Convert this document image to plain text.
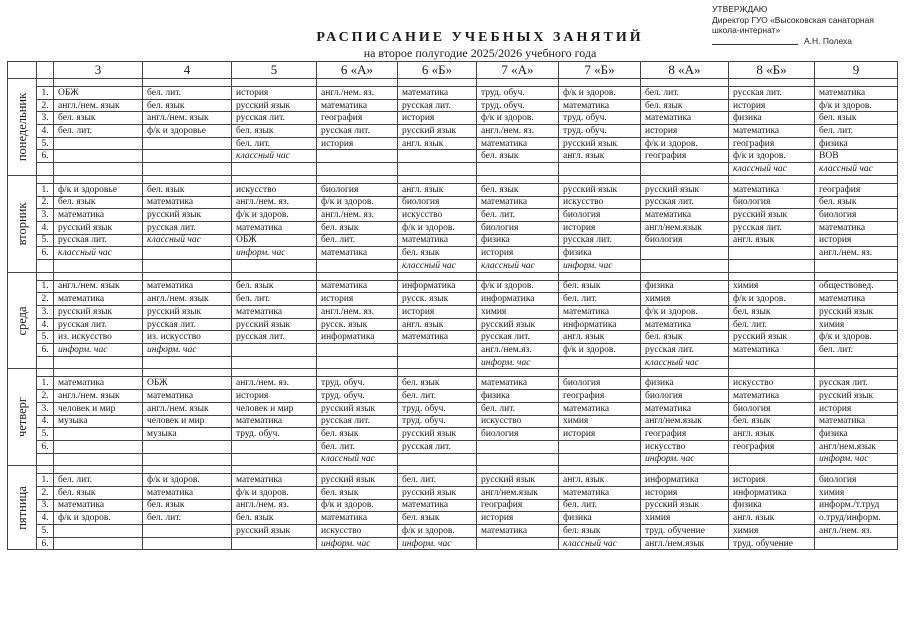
УТВЕРЖДАЮ
Директор ГУО «Высоковская санаторная
школа-интернат»
А.Н. Полеха
РАСПИСАНИЕ УЧЕБНЫХ ЗАНЯТИЙ
на второе полугодие 2025/2026 учебного года
		3	4	5	6 «А»	6 «Б»	7 «А»	7 «Б»	8 «А»	8 «Б»	9

понедельник											

	1.	ОБЖ	бел. лит.	история	англ./нем. яз.	математика	труд. обуч.	ф/к и здоров.	бел. лит.	русская лит.	математика
	2.	англ./нем. язык	бел. язык	русский язык	математика	русская лит.	труд. обуч.	математика	бел. язык	история	ф/к и здоров.
	3.	бел. язык	англ./нем. язык	русская лит.	география	история	ф/к и здоров.	труд. обуч.	математика	физика	бел. язык
	4.	бел. лит.	ф/к и здоровье	бел. язык	русская лит.	русский язык	англ./нем. яз.	труд. обуч.	история	математика	бел. лит.
	5.			бел. лит.	история	англ. язык	математика	русский язык	ф/к и здоров.	география	физика
	6.			классный час			бел. язык	англ. язык	география	ф/к и здоров.	ВОВ
										классный час	классный час

вторник											

	1.	ф/к и здоровье	бел. язык	искусство	биология	англ. язык	бел. язык	русский язык	русский язык	математика	география
	2.	бел. язык	математика	англ./нем. яз.	ф/к и здоров.	биология	математика	искусство	русская лит.	биология	бел. язык
	3.	математика	русский язык	ф/к и здоров.	англ./нем. яз.	искусство	бел. лит.	биология	математика	русский язык	биология
	4.	русский язык	русская лит.	математика	бел. язык	ф/к и здоров.	биология	история	англ/нем.язык	русская лит.	математика
	5.	русская лит.	классный час	ОБЖ	бел. лит.	математика	физика	русская лит.	биология	англ. язык	история
	6.	классный час		информ. час	математика	бел. язык	история	физика			англ./нем. яз.
						классный час	классный час	информ. час			

среда											

	1.	англ./нем. язык	математика	бел. язык	математика	информатика	ф/к и здоров.	бел. язык	физика	химия	обществовед.
	2.	математика	англ./нем. язык	бел. лит.	история	русск. язык	информатика	бел. лит.	химия	ф/к и здоров.	математика
	3.	русский язык	русский язык	математика	англ./нем. яз.	история	химия	математика	ф/к и здоров.	бел. язык	русский язык
	4.	русская лит.	русская лит.	русский язык	русск. язык	англ. язык	русский язык	информатика	математика	бел. лит.	химия
	5.	из. искусство	из. искусство	русская лит.	информатика	математика	русская лит.	англ. язык	бел. язык	русский язык	ф/к и здоров.
	6.	информ. час	информ. час				англ./нем.яз.	ф/к и здоров.	русская лит.	математика	бел. лит.
							информ. час		классный час		

четверг											

	1.	математика	ОБЖ	англ./нем. яз.	труд. обуч.	бел. язык	математика	биология	физика	искусство	русская лит.
	2.	англ./нем. язык	математика	история	труд. обуч.	бел. лит.	физика	география	биология	математика	русский язык
	3.	человек и мир	англ./нем. язык	человек и мир	русский язык	труд. обуч.	бел. лит.	математика	математика	биология	история
	4.	музыка	человек и мир	математика	русская лит.	труд. обуч.	искусство	химия	англ/нем.язык	бел. язык	математика
	5.		музыка	труд. обуч.	бел. язык	русский язык	биология	история	география	англ. язык	физика
	6.				бел. лит.	русская лит.			искусство	география	англ/нем.язык
					классный час				информ. час		информ. час

пятница											

	1.	бел. лит.	ф/к и здоров.	математика	русский язык	бел. лит.	русский язык	англ. язык	информатика	история	биология
	2.	бел. язык	математика	ф/к и здоров.	бел. язык	русский язык	англ/нем.язык	математика	история	информатика	химия
	3.	математика	бел. язык	англ./нем. яз.	ф/к и здоров.	математика	география	бел. лит.	русский язык	физика	информ./т.труд
	4.	ф/к и здоров.	бел. лит.	бел. язык	математика	бел. язык	история	физика	химия	англ. язык	о.труд/информ.
	5.			русский язык	искусство	ф/к и здоров.	математика	бел. язык	труд. обучение	химия	англ./нем. яз.
	6.				информ. час	информ. час		классный час	англ./нем.язык	труд. обучение	
